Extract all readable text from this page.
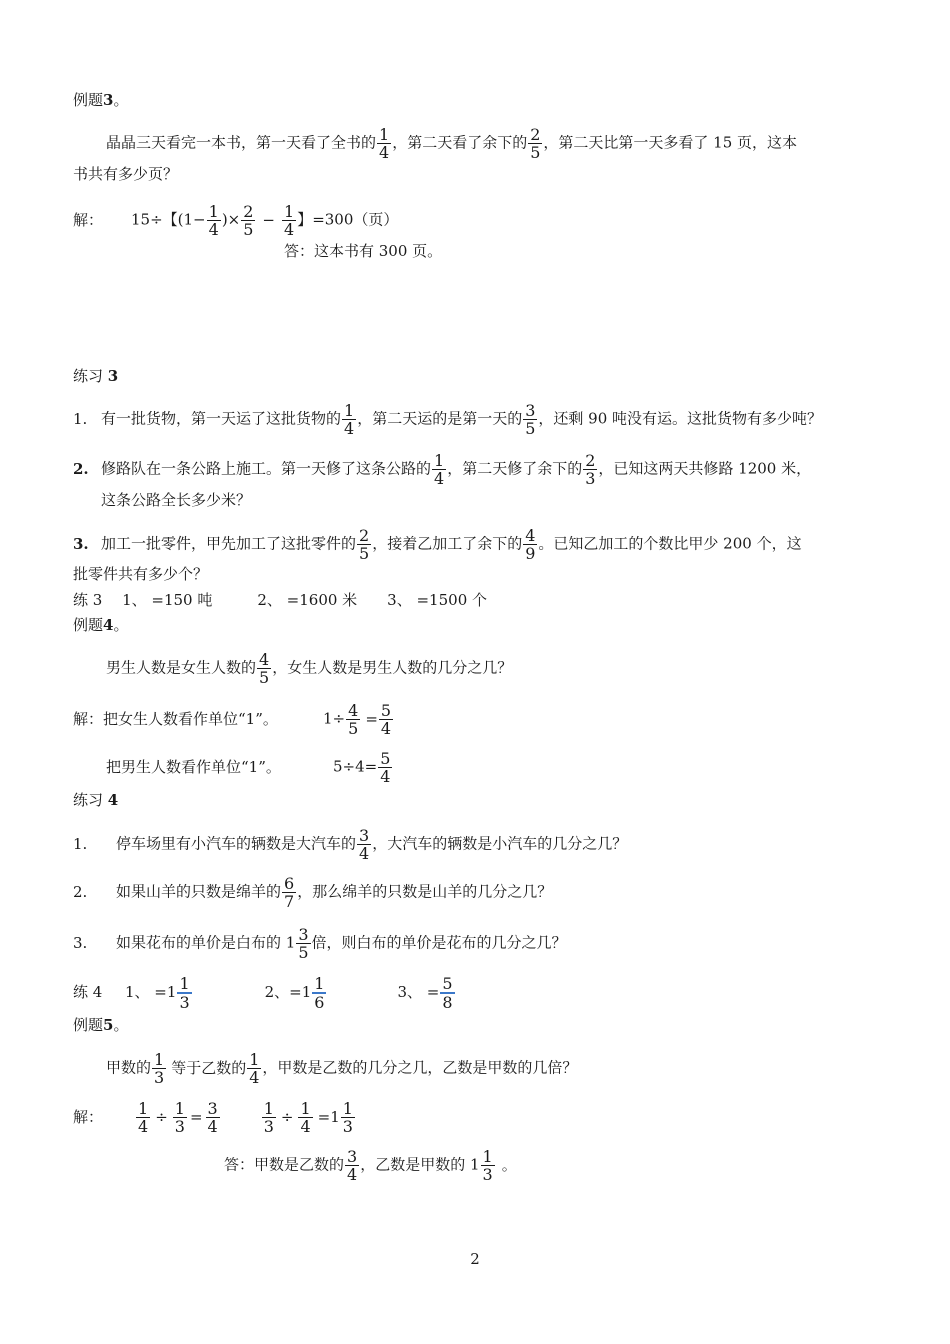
例题3。
晶晶三天看完一本书，第一天看了全书的 $\frac{1}{4}$ ，第二天看了余下的 $\frac{2}{5}$ ，第二天比第一天多看了 15 页，这本
书共有多少页？
解： 15÷【($1- \frac{1}{4}$ )× $\frac{2}{5} - \frac{1}{4}$ 】=300（页）
答：这本书有 300 页。
练习 3
1. 有一批货物，第一天运了这批货物的 $\frac{1}{4}$ ，第二天运的是第一天的 $\frac{3}{5}$ ，还剩 90 吨没有运。这批货物有多少吨？
2. 修路队在一条公路上施工。第一天修了这条公路的 $\frac{1}{4}$ ，第二天修了余下的 $\frac{2}{3}$ ，已知这两天共修路 1200 米，
这条公路全长多少米？
3. 加工一批零件，甲先加工了这批零件的 $\frac{2}{5}$ ，接着乙加工了余下的 $\frac{4}{9}$ 。已知乙加工的个数比甲少 200 个，这
批零件共有多少个？
练 3　 1、 =150 吨　　　2、 =1600 米　　3、 =1500 个
例题4。
男生人数是女生人数的 $\frac{4}{5}$ ，女生人数是男生人数的几分之几？
解：把女生人数看作单位“1”。	$1\div \frac{4}{5} = \frac{5}{4}$
把男生人数看作单位“1”。	$5\div 4= \frac{5}{4}$
练习 4
1. 停车场里有小汽车的辆数是大汽车的 $\frac{3}{4}$ ，大汽车的辆数是小汽车的几分之几？
2. 如果山羊的只数是绵羊的 $\frac{6}{7}$ ，那么绵羊的只数是山羊的几分之几？
3. 如果花布的单价是白布的 $1 \frac{3}{5}$ 倍，则白布的单价是花布的几分之几？
练 4 1、 $=1 \frac{1}{3}$	2、$=1 \frac{1}{6}$	3、 = $\frac{5}{8}$
例题5。
甲数的 $\frac{1}{3}$ 等于乙数的 $\frac{1}{4}$ ，甲数是乙数的几分之几，乙数是甲数的几倍？
解： $\frac{1}{4} \div \frac{1}{3} = \frac{3}{4}$	$\frac{1}{3} \div \frac{1}{4} =1 \frac{1}{3}$
答：甲数是乙数的 $\frac{3}{4}$ ，乙数是甲数的 $1 \frac{1}{3}$ 。
2
